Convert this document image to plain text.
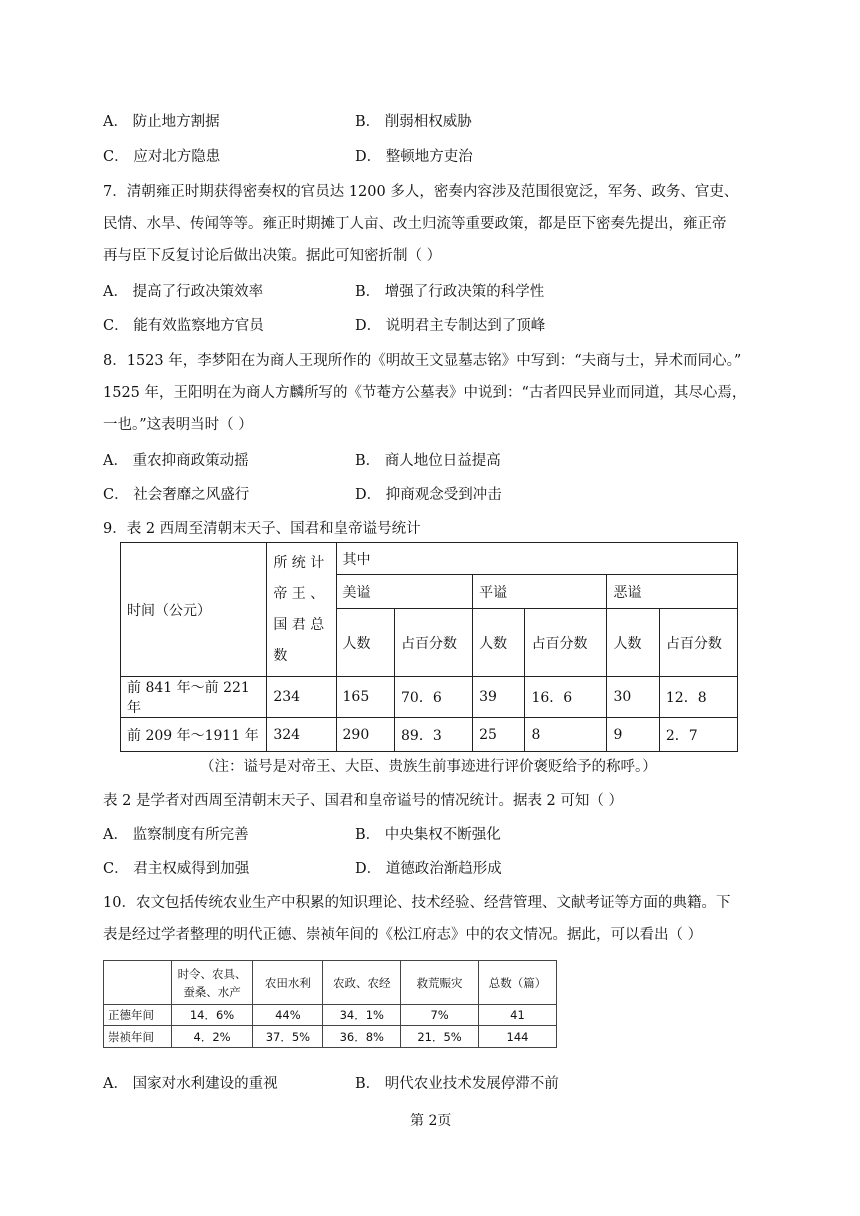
A． 防止地方割据	B． 削弱相权威胁
C． 应对北方隐患	D． 整顿地方吏治
7．清朝雍正时期获得密奏权的官员达 1200 多人，密奏内容涉及范围很宽泛，军务、政务、官吏、
民情、水旱、传闻等等。雍正时期摊丁人亩、改土归流等重要政策，都是臣下密奏先提出，雍正帝
再与臣下反复讨论后做出决策。据此可知密折制（ ）
A． 提高了行政决策效率	B． 增强了行政决策的科学性
C． 能有效监察地方官员	D． 说明君主专制达到了顶峰
8．1523 年，李梦阳在为商人王现所作的《明故王文显墓志铭》中写到：“夫商与士，异术而同心。”
1525 年，王阳明在为商人方麟所写的《节菴方公墓表》中说到：“古者四民异业而同道，其尽心焉，
一也。”这表明当时（ ）
A． 重农抑商政策动摇	B． 商人地位日益提高
C． 社会奢靡之风盛行	D． 抑商观念受到冲击
9．表 2 西周至清朝末天子、国君和皇帝谥号统计
时间（公元）	所 统 计
帝 王 、
国 君 总
数	其中					
		美谥		平谥		恶谥	
		人数	占百分数	人数	占百分数	人数	占百分数
前 841 年～前 221 年	234	165	70．6	39	16．6	30	12．8
前 209 年～1911 年	324	290	89．3	25	8	9	2．7
（注：谥号是对帝王、大臣、贵族生前事迹进行评价褒贬给予的称呼。）
表 2 是学者对西周至清朝末天子、国君和皇帝谥号的情况统计。据表 2 可知（ ）
A． 监察制度有所完善	B． 中央集权不断强化
C． 君主权威得到加强	D． 道德政治渐趋形成
10．农文包括传统农业生产中积累的知识理论、技术经验、经营管理、文献考证等方面的典籍。下
表是经过学者整理的明代正德、崇祯年间的《松江府志》中的农文情况。据此，可以看出（ ）
	时令、农具、
蚕桑、水产	农田水利	农政、农经	救荒赈灾	总数（篇）
正德年间	14．6%	44%	34．1%	7%	41
崇祯年间	4．2%	37．5%	36．8%	21．5%	144
A． 国家对水利建设的重视	B． 明代农业技术发展停滞不前
第 2页
